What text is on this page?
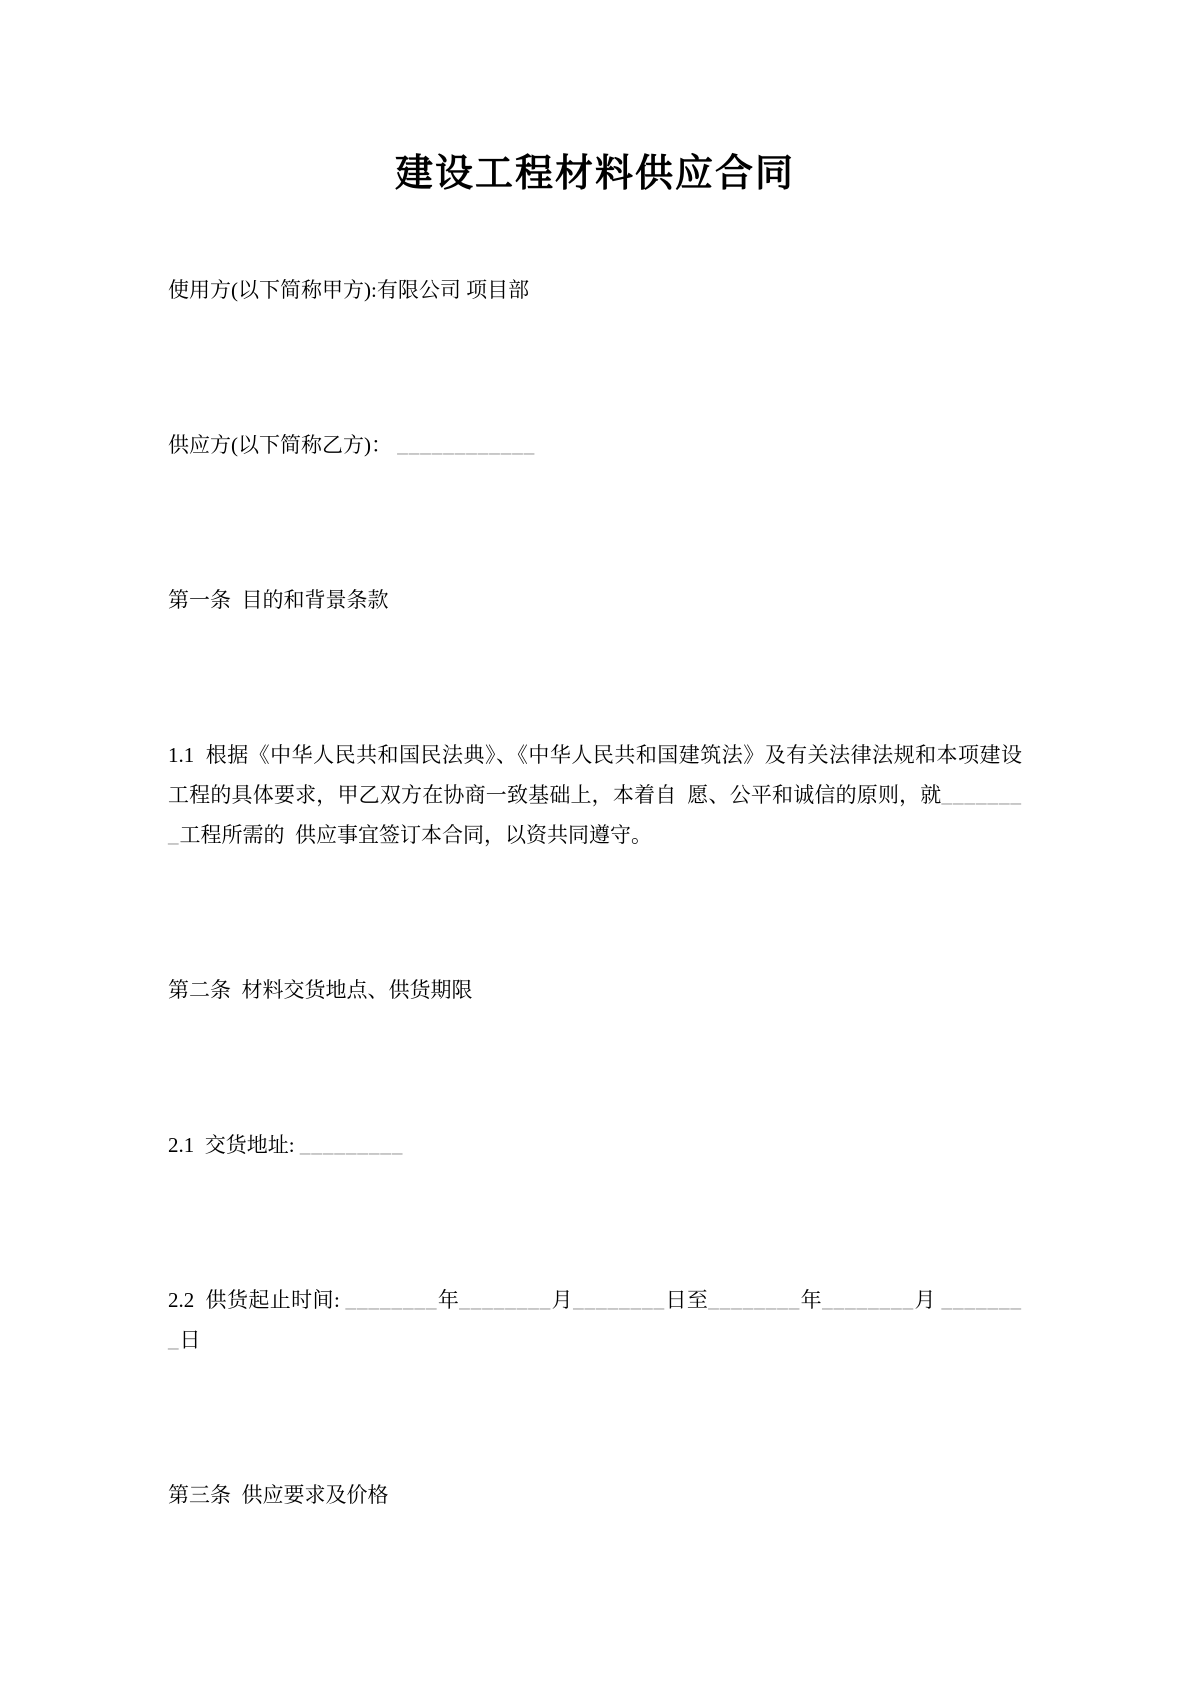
建设工程材料供应合同

使用方(以下简称甲方):有限公司 项目部

供应方(以下简称乙方)： ____________

第一条  目的和背景条款

1.1  根据《中华人民共和国民法典》、《中华人民共和国建筑法》及有关法律法规和本项建设工程的具体要求，甲乙双方在协商一致基础上，本着自  愿、公平和诚信的原则，就________工程所需的  供应事宜签订本合同，以资共同遵守。

第二条  材料交货地点、供货期限

2.1  交货地址: _________

2.2  供货起止时间: ________年________月________日至________年________月 ________日

第三条  供应要求及价格
